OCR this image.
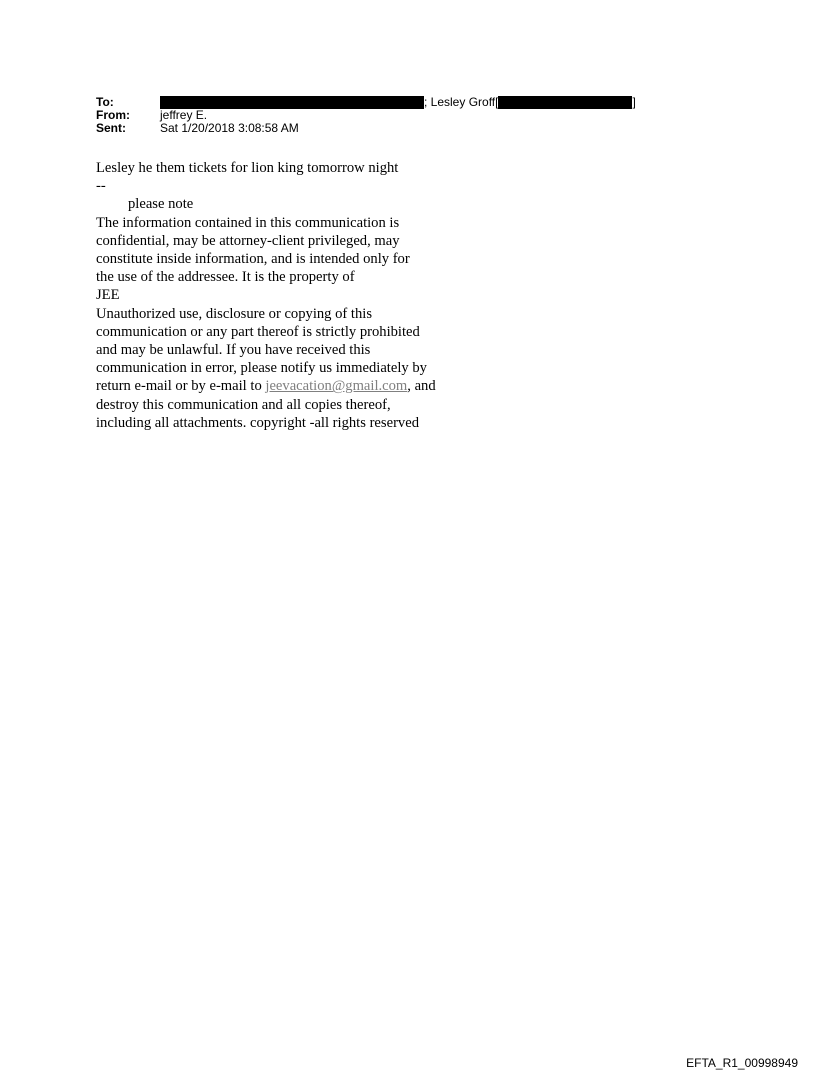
To:	; Lesley Groff[	]
From:	jeffrey E.
Sent:	Sat 1/20/2018 3:08:58 AM

Lesley he them tickets for lion king tomorrow night

--

please note

The information contained in this communication is

confidential, may be attorney-client privileged, may

constitute inside information, and is intended only for

the use of the addressee. It is the property of

JEE

Unauthorized use, disclosure or copying of this

communication or any part thereof is strictly prohibited

and may be unlawful. If you have received this

communication in error, please notify us immediately by

return e-mail or by e-mail to jeevacation@gmail.com, and

destroy this communication and all copies thereof,

including all attachments. copyright -all rights reserved

EFTA_R1_00998949
